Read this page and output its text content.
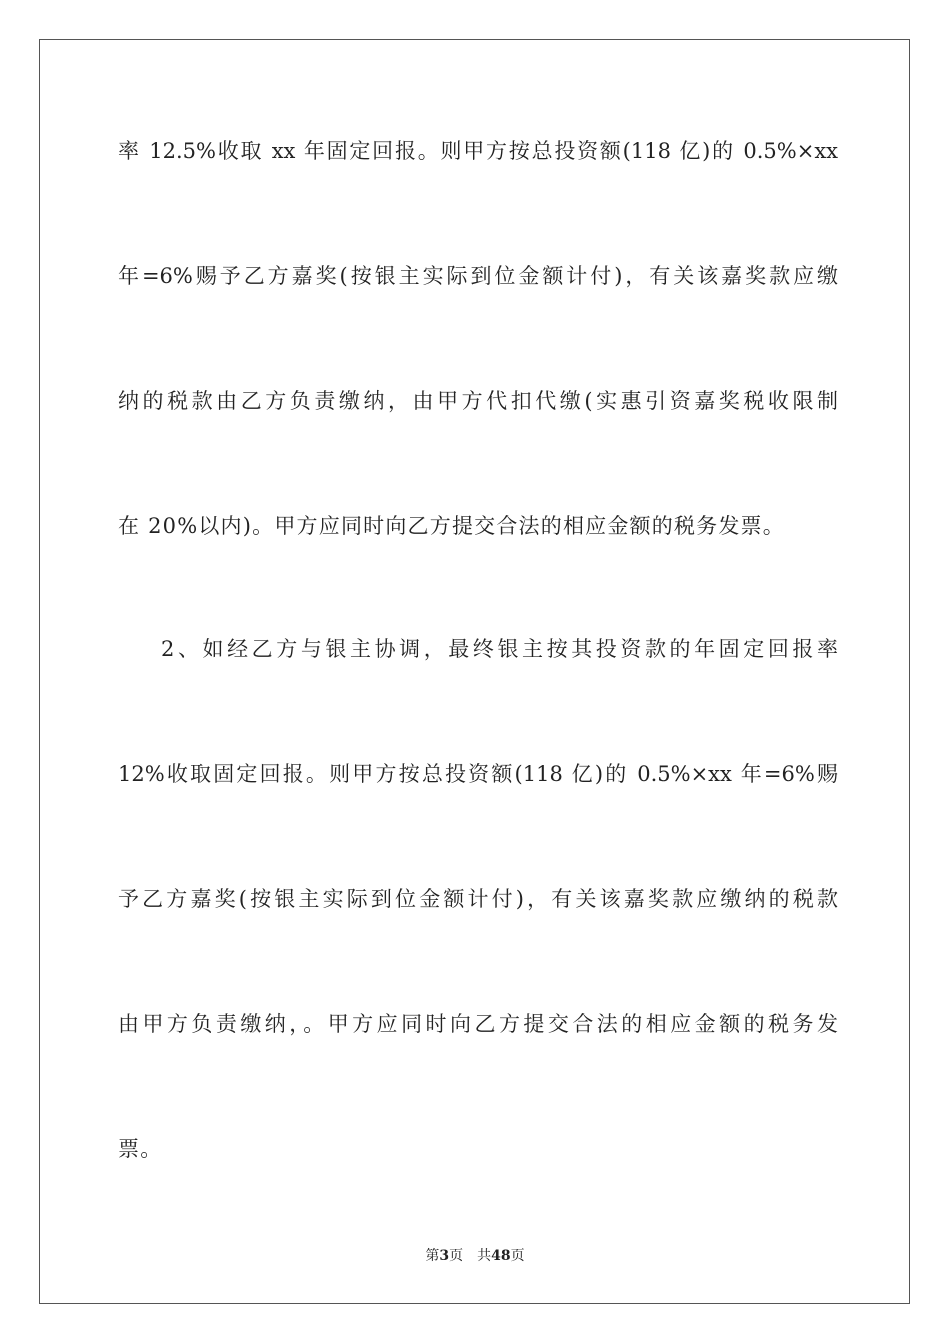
率 12.5%收取 xx 年固定回报。则甲方按总投资额(118 亿)的 0.5%×xx
年=6%赐予乙方嘉奖(按银主实际到位金额计付)，有关该嘉奖款应缴
纳的税款由乙方负责缴纳，由甲方代扣代缴(实惠引资嘉奖税收限制
在 20%以内)。甲方应同时向乙方提交合法的相应金额的税务发票。
2、如经乙方与银主协调，最终银主按其投资款的年固定回报率
12%收取固定回报。则甲方按总投资额(118 亿)的 0.5%×xx 年=6%赐
予乙方嘉奖(按银主实际到位金额计付)，有关该嘉奖款应缴纳的税款
由甲方负责缴纳，。甲方应同时向乙方提交合法的相应金额的税务发
票。
第3页 共48页
